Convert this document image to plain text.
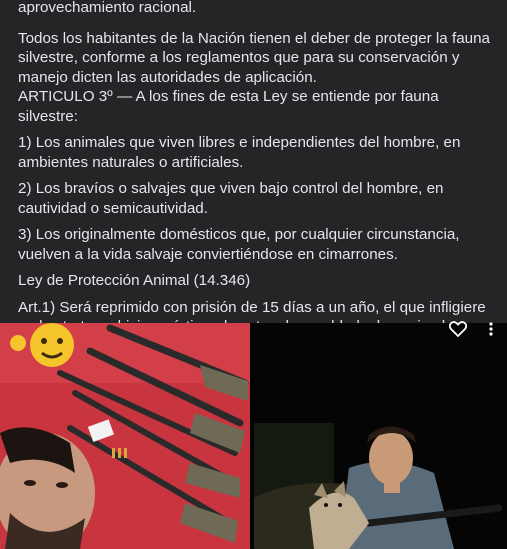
aprovechamiento racional.

Todos los habitantes de la Nación tienen el deber de proteger la fauna silvestre, conforme a los reglamentos que para su conservación y manejo dicten las autoridades de aplicación.

ARTICULO 3º — A los fines de esta Ley se entiende por fauna silvestre:

1) Los animales que viven libres e independientes del hombre, en ambientes naturales o artificiales.

2) Los bravíos o salvajes que viven bajo control del hombre, en cautividad o semicautividad.

3) Los originalmente domésticos que, por cualquier circunstancia, vuelven a la vida salvaje conviertiéndose en cimarrones.

Ley de Protección Animal (14.346)

Art.1) Será reprimido con prisión de 15 días a un año, el que infligiere
